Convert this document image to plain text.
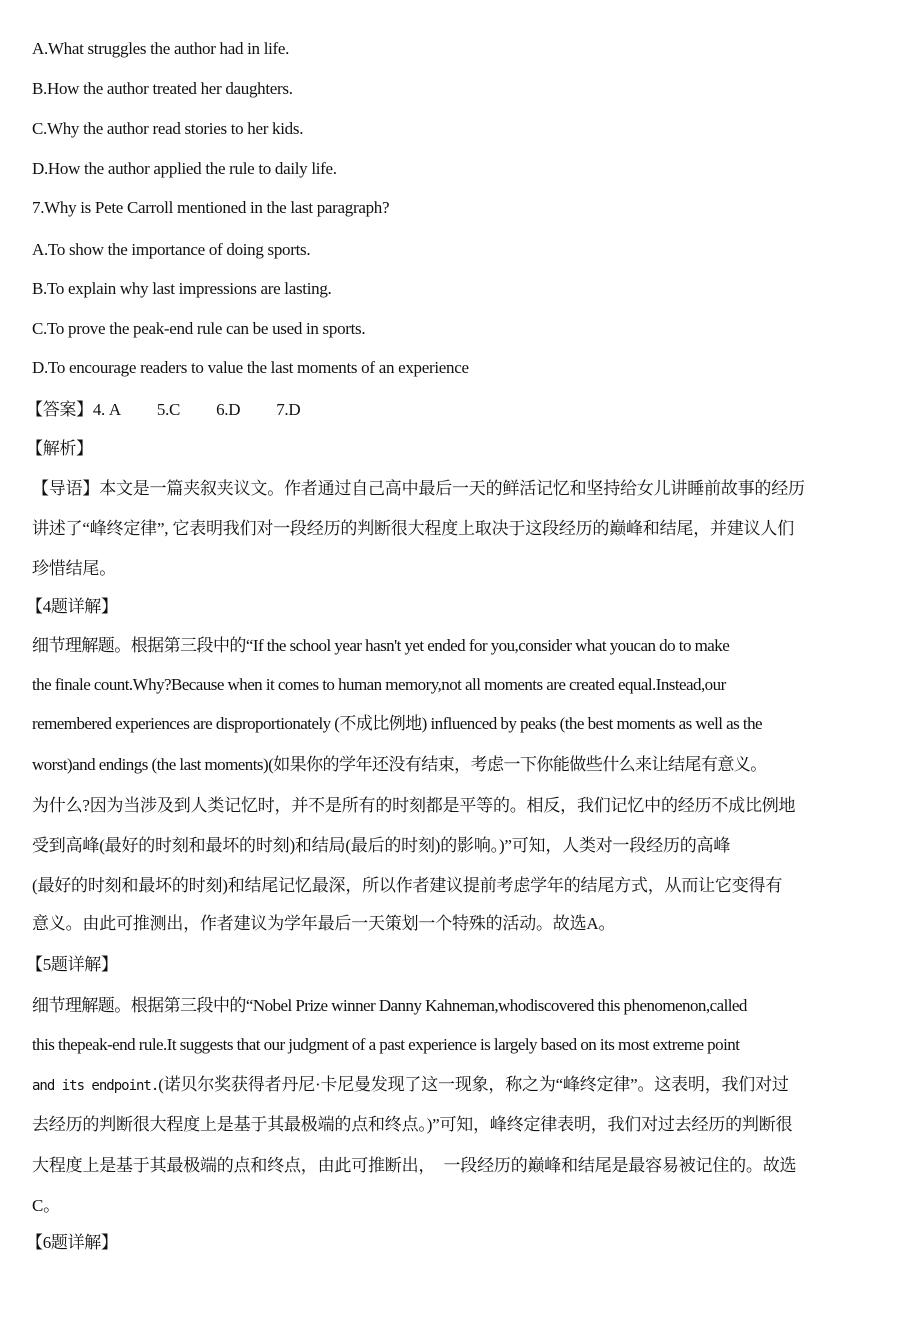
A.What struggles the author had in life.
B.How the author treated her daughters.
C.Why the author read stories to her kids.
D.How the author applied the rule to daily life.
7.Why is Pete Carroll mentioned in the last paragraph?
A.To show the importance of doing sports.
B.To explain why last impressions are lasting.
C.To prove the peak-end rule can be used in sports.
D.To encourage readers to value the last moments of an experience
【答案】4. A 5.C 6.D 7.D
【解析】
【导语】本文是一篇夹叙夹议文。作者通过自己高中最后一天的鲜活记忆和坚持给女儿讲睡前故事的经历
讲述了“峰终定律”, 它表明我们对一段经历的判断很大程度上取决于这段经历的巅峰和结尾，并建议人们
珍惜结尾。
【4题详解】
细节理解题。根据第三段中的“If the school year hasn't yet ended for you,consider what youcan do to make
the finale count.Why?Because when it comes to human memory,not all moments are created equal.Instead,our
remembered experiences are disproportionately (不成比例地) influenced by peaks (the best moments as well as the
worst)and endings (the last moments)(如果你的学年还没有结束，考虑一下你能做些什么来让结尾有意义。
为什么?因为当涉及到人类记忆时，并不是所有的时刻都是平等的。相反，我们记忆中的经历不成比例地
受到高峰(最好的时刻和最坏的时刻)和结局(最后的时刻)的影响。)”可知，人类对一段经历的高峰
(最好的时刻和最坏的时刻)和结尾记忆最深，所以作者建议提前考虑学年的结尾方式，从而让它变得有
意义。由此可推测出，作者建议为学年最后一天策划一个特殊的活动。故选A。
【5题详解】
细节理解题。根据第三段中的“Nobel Prize winner Danny Kahneman,whodiscovered this phenomenon,called
this thepeak-end rule.It suggests that our judgment of a past experience is largely based on its most extreme point
and its endpoint.(诺贝尔奖获得者丹尼·卡尼曼发现了这一现象，称之为“峰终定律”。这表明，我们对过
去经历的判断很大程度上是基于其最极端的点和终点。)”可知，峰终定律表明，我们对过去经历的判断很
大程度上是基于其最极端的点和终点，由此可推断出，　一段经历的巅峰和结尾是最容易被记住的。故选
C。
【6题详解】
